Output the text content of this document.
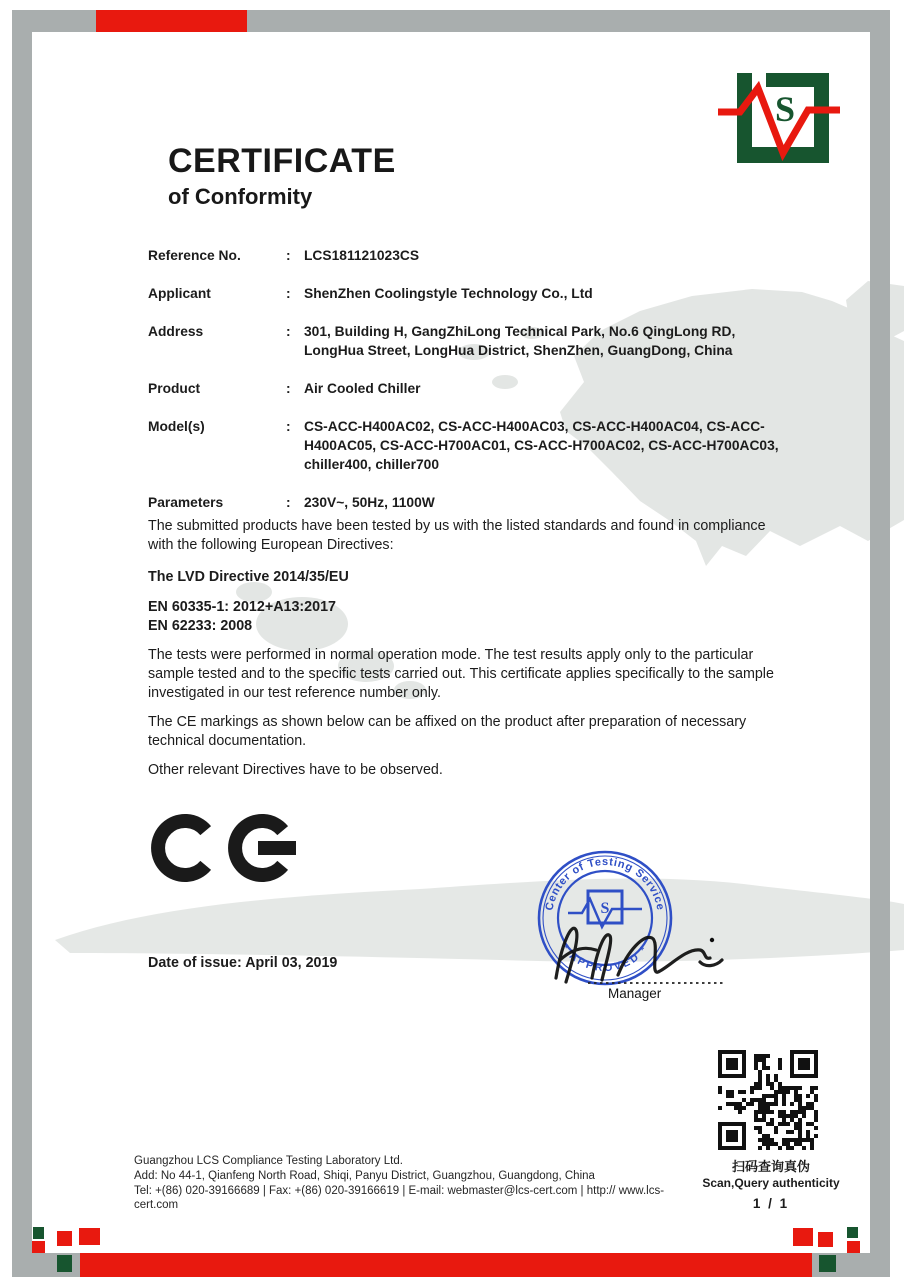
S
CERTIFICATE
of Conformity
Reference No.	: LCS181121023CS
Applicant	: ShenZhen Coolingstyle Technology Co., Ltd
Address	: 301, Building H, GangZhiLong Technical Park, No.6 QingLong RD, LongHua Street, LongHua District, ShenZhen, GuangDong, China
Product	: Air Cooled Chiller
Model(s)	: CS-ACC-H400AC02, CS-ACC-H400AC03, CS-ACC-H400AC04, CS-ACC-H400AC05, CS-ACC-H700AC01, CS-ACC-H700AC02, CS-ACC-H700AC03, chiller400, chiller700
Parameters	: 230V~, 50Hz, 1100W

The submitted products have been tested by us with the listed standards and found in compliance with the following European Directives:

The LVD Directive 2014/35/EU

EN 60335-1: 2012+A13:2017
EN 62233: 2008

The tests were performed in normal operation mode. The test results apply only to the particular sample tested and to the specific tests carried out. This certificate applies specifically to the sample investigated in our test reference number only.

The CE markings as shown below can be affixed on the product after preparation of necessary technical documentation.

Other relevant Directives have to be observed.

Date of issue: April 03, 2019
Center of Testing Service
* APPROVED *
S
Manager
扫码查询真伪
Scan,Query authenticity
1 / 1
Guangzhou LCS Compliance Testing Laboratory Ltd.
Add: No 44-1, Qianfeng North Road, Shiqi, Panyu District, Guangzhou, Guangdong, China
Tel: +(86) 020-39166689 | Fax: +(86) 020-39166619 | E-mail: webmaster@lcs-cert.com | http:// www.lcs-cert.com
